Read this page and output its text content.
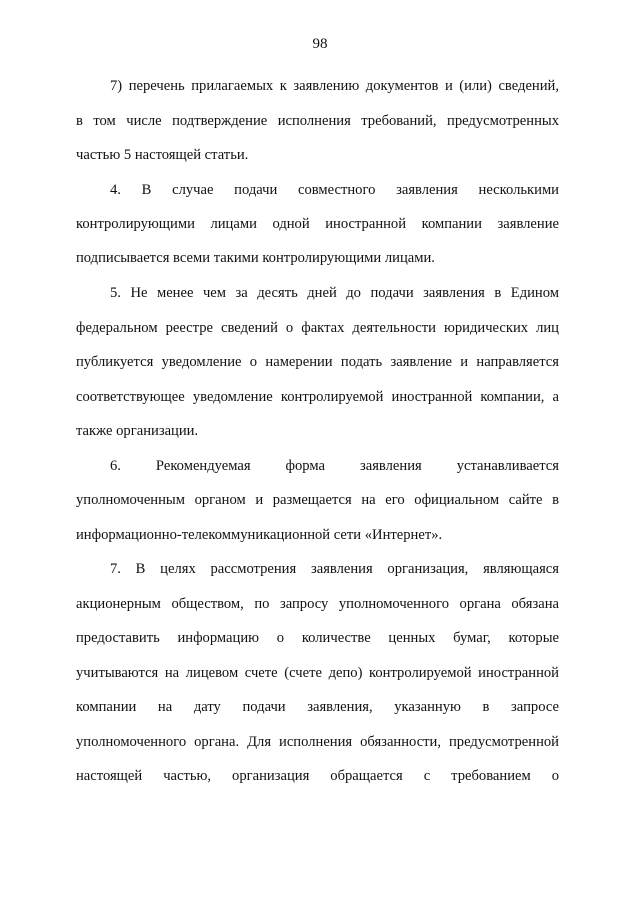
98
7) перечень прилагаемых к заявлению документов и (или) сведений,
в том числе подтверждение исполнения требований, предусмотренных
частью 5 настоящей статьи.
4. В случае подачи совместного заявления несколькими
контролирующими лицами одной иностранной компании заявление
подписывается всеми такими контролирующими лицами.
5. Не менее чем за десять дней до подачи заявления в Едином
федеральном реестре сведений о фактах деятельности юридических лиц
публикуется уведомление о намерении подать заявление и направляется
соответствующее уведомление контролируемой иностранной компании, а
также организации.
6. Рекомендуемая форма заявления устанавливается
уполномоченным органом и размещается на его официальном сайте в
информационно-телекоммуникационной сети «Интернет».
7. В целях рассмотрения заявления организация, являющаяся
акционерным обществом, по запросу уполномоченного органа обязана
предоставить информацию о количестве ценных бумаг, которые
учитываются на лицевом счете (счете депо) контролируемой иностранной
компании на дату подачи заявления, указанную в запросе
уполномоченного органа. Для исполнения обязанности, предусмотренной
настоящей частью, организация обращается с требованием о
